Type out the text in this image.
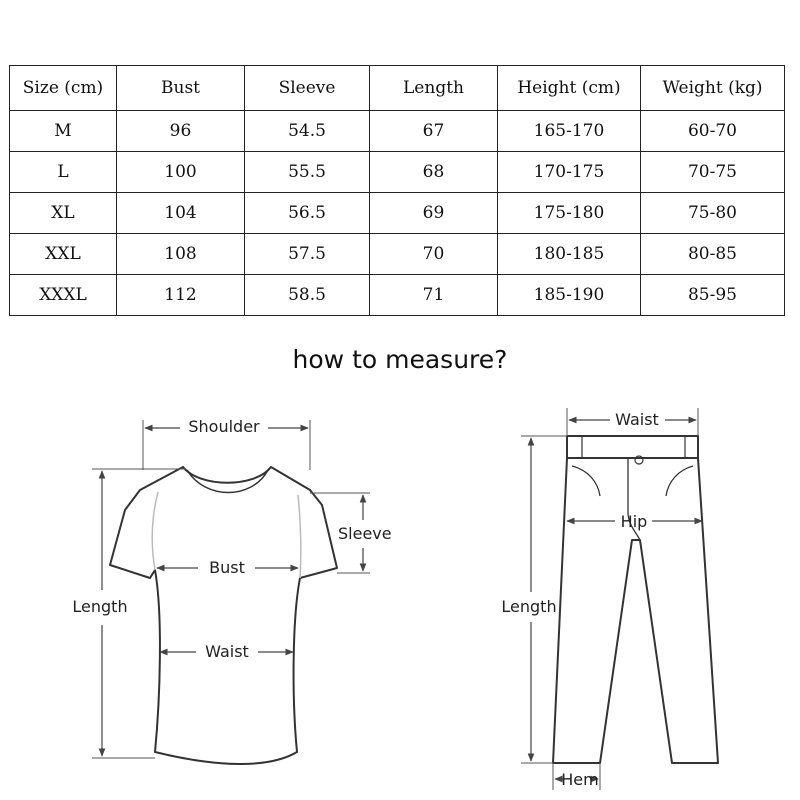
Size (cm)	Bust	Sleeve	Length	Height (cm)	Weight (kg)
M	96	54.5	67	165-170	60-70
L	100	55.5	68	170-175	70-75
XL	104	56.5	69	175-180	75-80
XXL	108	57.5	70	180-185	80-85
XXXL	112	58.5	71	185-190	85-95
how to measure?
Shoulder
Sleeve
Bust
Length
Waist
Waist
Hip
Length
Hem
